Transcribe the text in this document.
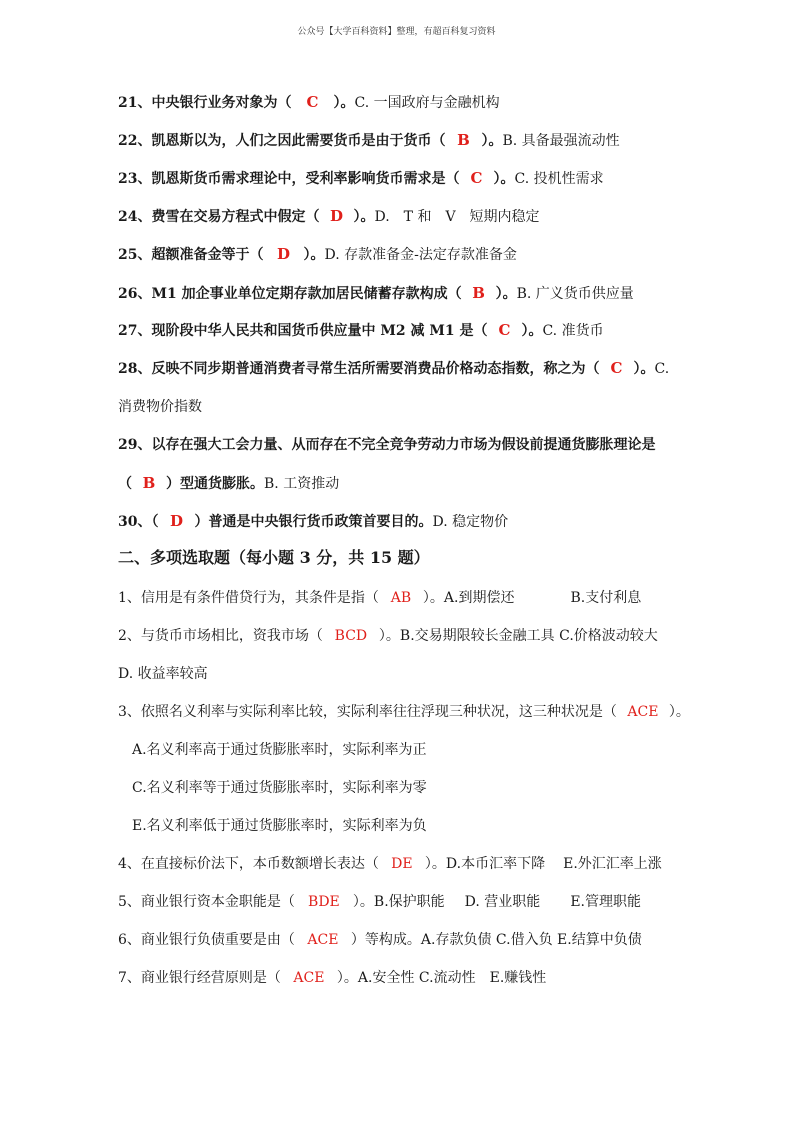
公众号【大学百科资料】整理，有超百科复习资料
21、中央银行业务对象为（ C ）。C. 一国政府与金融机构
22、凯恩斯以为，人们之因此需要货币是由于货币（ B ）。B. 具备最强流动性
23、凯恩斯货币需求理论中，受利率影响货币需求是（ C ）。C. 投机性需求
24、费雪在交易方程式中假定（ D ）。D.　T 和　V　短期内稳定
25、超额准备金等于（ D ）。D. 存款准备金-法定存款准备金
26、M1 加企事业单位定期存款加居民储蓄存款构成（ B ）。B. 广义货币供应量
27、现阶段中华人民共和国货币供应量中 M2 减 M1 是（ C ）。C. 准货币
28、反映不同步期普通消费者寻常生活所需要消费品价格动态指数，称之为（ C ）。C.
消费物价指数
29、以存在强大工会力量、从而存在不完全竞争劳动力市场为假设前提通货膨胀理论是
（ B ）型通货膨胀。B. 工资推动
30、（ D ）普通是中央银行货币政策首要目的。D. 稳定物价
二、多项选取题（每小题 3 分，共 15 题）
1、信用是有条件借贷行为，其条件是指（ AB ）。A.到期偿还	B.支付利息
2、与货币市场相比，资我市场（ BCD ）。B.交易期限较长金融工具 C.价格波动较大
D. 收益率较高
3、依照名义利率与实际利率比较，实际利率往往浮现三种状况，这三种状况是（ ACE ）。
A.名义利率高于通过货膨胀率时，实际利率为正
C.名义利率等于通过货膨胀率时，实际利率为零
E.名义利率低于通过货膨胀率时，实际利率为负
4、在直接标价法下，本币数额增长表达（ DE ）。D.本币汇率下降 E.外汇汇率上涨
5、商业银行资本金职能是（ BDE ）。B.保护职能 D. 营业职能 E.管理职能
6、商业银行负债重要是由（ ACE ）等构成。A.存款负债 C.借入负 E.结算中负债
7、商业银行经营原则是（ ACE ）。A.安全性 C.流动性　E.赚钱性
